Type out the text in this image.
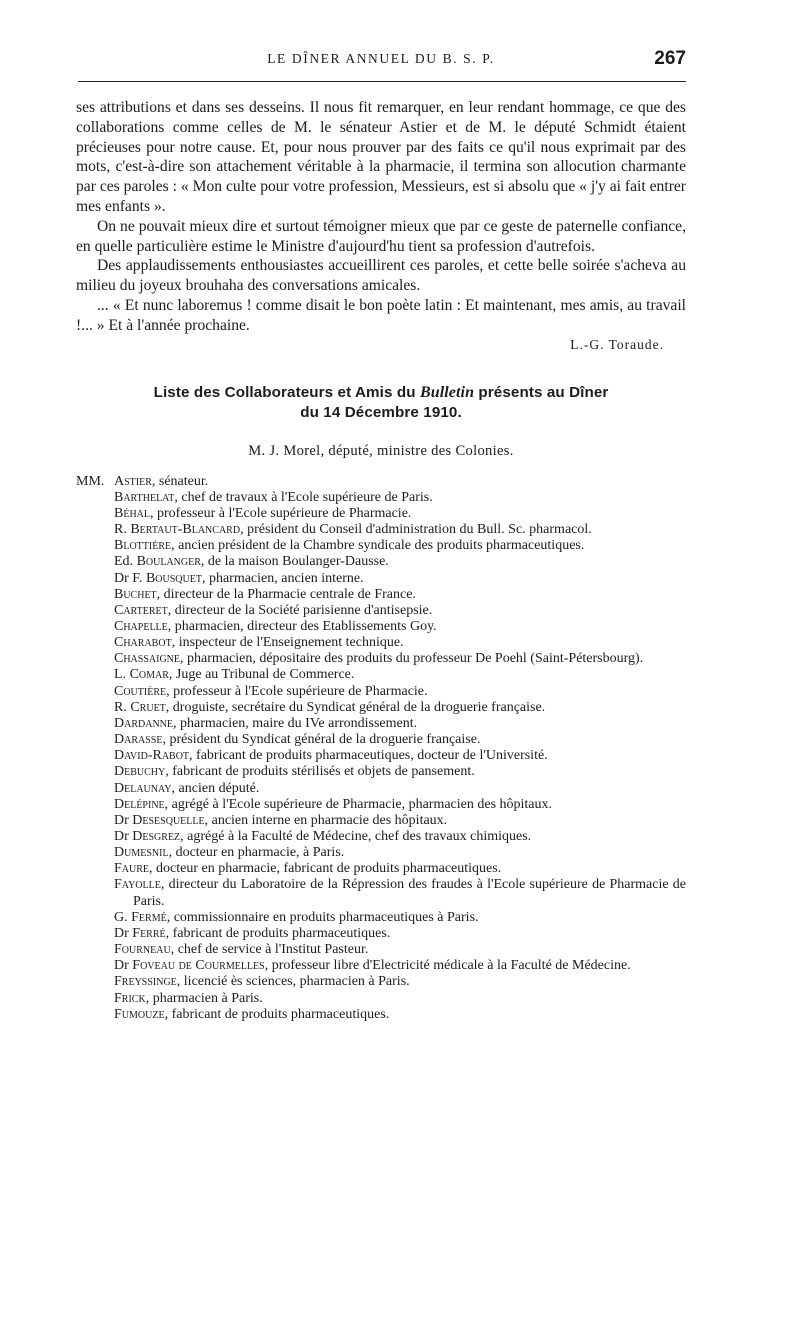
LE DÎNER ANNUEL DU B. S. P.	267

ses attributions et dans ses desseins. Il nous fit remarquer, en leur rendant hommage, ce que des collaborations comme celles de M. le sénateur Astier et de M. le député Schmidt étaient précieuses pour notre cause. Et, pour nous prouver par des faits ce qu'il nous exprimait par des mots, c'est-à-dire son attachement véritable à la pharmacie, il termina son allocution charmante par ces paroles : « Mon culte pour votre profession, Messieurs, est si absolu que « j'y ai fait entrer mes enfants ».

On ne pouvait mieux dire et surtout témoigner mieux que par ce geste de paternelle confiance, en quelle particulière estime le Ministre d'aujourd'hu tient sa profession d'autrefois.

Des applaudissements enthousiastes accueillirent ces paroles, et cette belle soirée s'acheva au milieu du joyeux brouhaha des conversations amicales.

... « Et nunc laboremus ! comme disait le bon poète latin : Et maintenant, mes amis, au travail !... » Et à l'année prochaine.

L.-G. Toraude.
Liste des Collaborateurs et Amis du Bulletin présents au Dîner
du 14 Décembre 1910.
M. J. Morel, député, ministre des Colonies.
MM. Astier, sénateur.
Barthelat, chef de travaux à l'Ecole supérieure de Paris.
Béhal, professeur à l'Ecole supérieure de Pharmacie.
R. Bertaut-Blancard, président du Conseil d'administration du Bull. Sc. pharmacol.
Blottière, ancien président de la Chambre syndicale des produits pharmaceutiques.
Ed. Boulanger, de la maison Boulanger-Dausse.
Dr F. Bousquet, pharmacien, ancien interne.
Buchet, directeur de la Pharmacie centrale de France.
Carteret, directeur de la Société parisienne d'antisepsie.
Chapelle, pharmacien, directeur des Etablissements Goy.
Charabot, inspecteur de l'Enseignement technique.
Chassaigne, pharmacien, dépositaire des produits du professeur De Poehl (Saint-Pétersbourg).
L. Comar, Juge au Tribunal de Commerce.
Coutière, professeur à l'Ecole supérieure de Pharmacie.
R. Cruet, droguiste, secrétaire du Syndicat général de la droguerie française.
Dardanne, pharmacien, maire du IVe arrondissement.
Darasse, président du Syndicat général de la droguerie française.
David-Rabot, fabricant de produits pharmaceutiques, docteur de l'Université.
Debuchy, fabricant de produits stérilisés et objets de pansement.
Delaunay, ancien député.
Delépine, agrégé à l'Ecole supérieure de Pharmacie, pharmacien des hôpitaux.
Dr Desesquelle, ancien interne en pharmacie des hôpitaux.
Dr Desgrez, agrégé à la Faculté de Médecine, chef des travaux chimiques.
Dumesnil, docteur en pharmacie, à Paris.
Faure, docteur en pharmacie, fabricant de produits pharmaceutiques.
Fayolle, directeur du Laboratoire de la Répression des fraudes à l'Ecole supérieure de Pharmacie de Paris.
G. Fermé, commissionnaire en produits pharmaceutiques à Paris.
Dr Ferré, fabricant de produits pharmaceutiques.
Fourneau, chef de service à l'Institut Pasteur.
Dr Foveau de Courmelles, professeur libre d'Electricité médicale à la Faculté de Médecine.
Freyssinge, licencié ès sciences, pharmacien à Paris.
Frick, pharmacien à Paris.
Fumouze, fabricant de produits pharmaceutiques.
